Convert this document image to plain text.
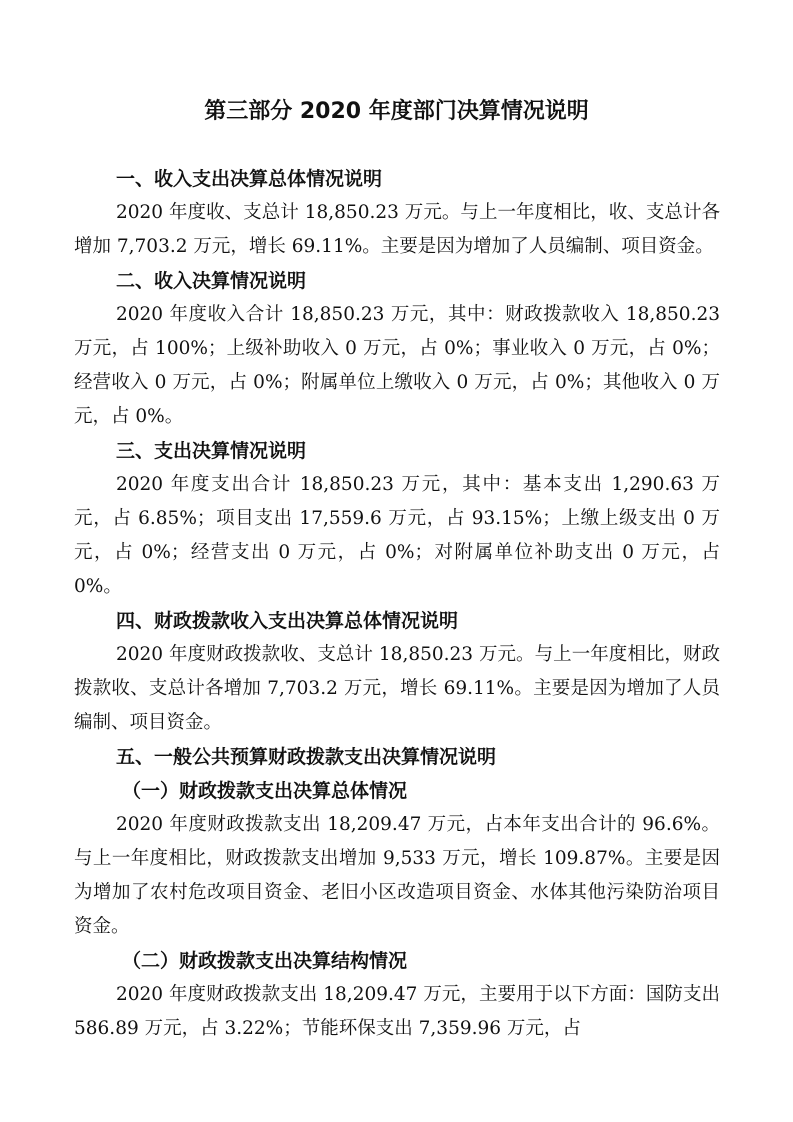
第三部分 2020 年度部门决算情况说明

一、收入支出决算总体情况说明

2020 年度收、支总计 18,850.23 万元。与上一年度相比，收、支总计各增加 7,703.2 万元，增长 69.11%。主要是因为增加了人员编制、项目资金。

二、收入决算情况说明

2020 年度收入合计 18,850.23 万元，其中：财政拨款收入 18,850.23 万元，占 100%；上级补助收入 0 万元，占 0%；事业收入 0 万元，占 0%；经营收入 0 万元，占 0%；附属单位上缴收入 0 万元，占 0%；其他收入 0 万元，占 0%。

三、支出决算情况说明

2020 年度支出合计 18,850.23 万元，其中：基本支出 1,290.63 万元，占 6.85%；项目支出 17,559.6 万元，占 93.15%；上缴上级支出 0 万元，占 0%；经营支出 0 万元，占 0%；对附属单位补助支出 0 万元，占 0%。

四、财政拨款收入支出决算总体情况说明

2020 年度财政拨款收、支总计 18,850.23 万元。与上一年度相比，财政拨款收、支总计各增加 7,703.2 万元，增长 69.11%。主要是因为增加了人员编制、项目资金。

五、一般公共预算财政拨款支出决算情况说明

（一）财政拨款支出决算总体情况

2020 年度财政拨款支出 18,209.47 万元，占本年支出合计的 96.6%。与上一年度相比，财政拨款支出增加 9,533 万元，增长 109.87%。主要是因为增加了农村危改项目资金、老旧小区改造项目资金、水体其他污染防治项目资金。

（二）财政拨款支出决算结构情况

2020 年度财政拨款支出 18,209.47 万元，主要用于以下方面：国防支出 586.89 万元，占 3.22%；节能环保支出 7,359.96 万元，占
